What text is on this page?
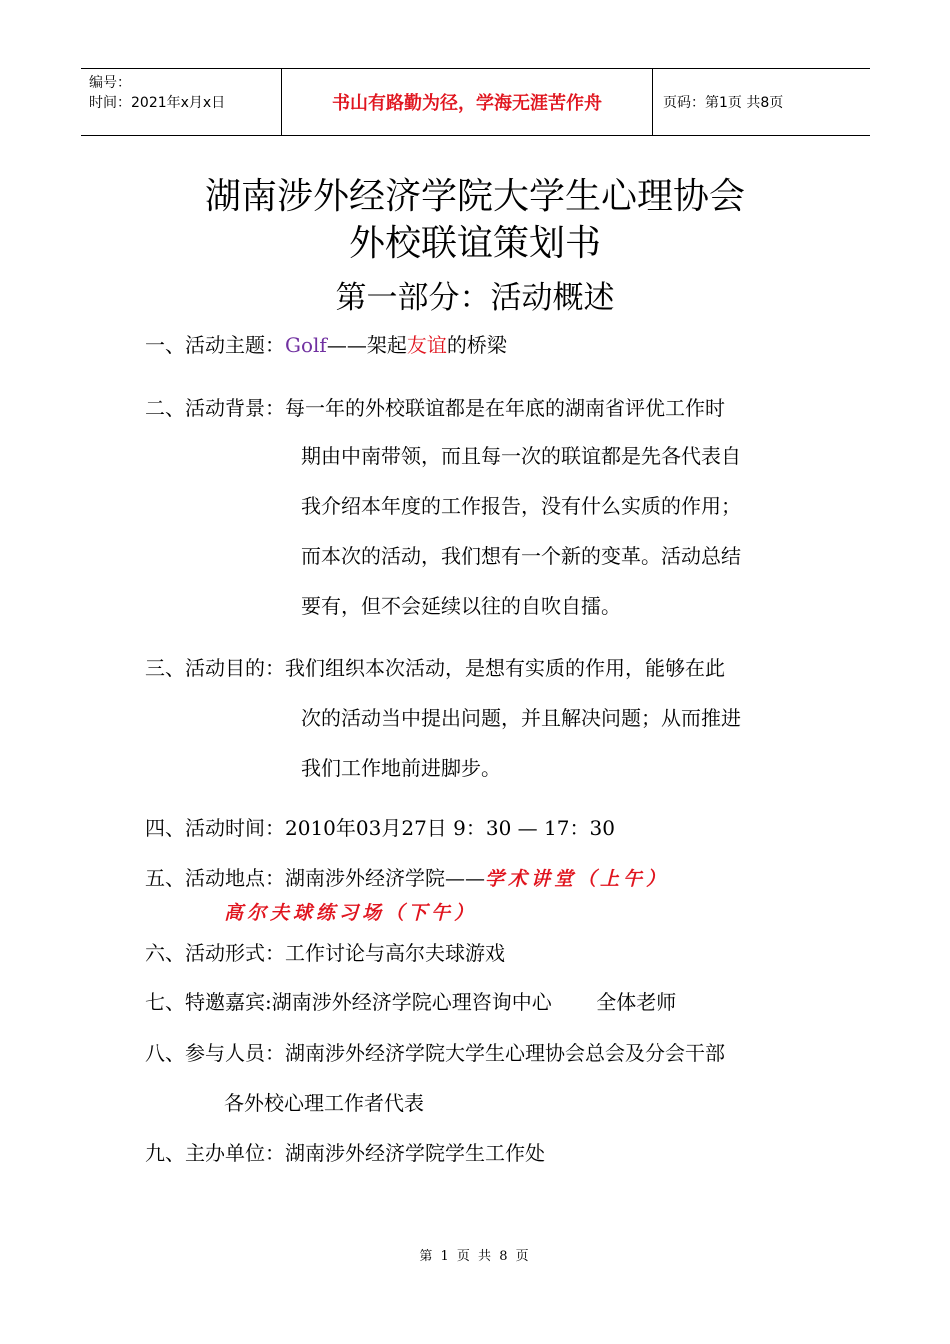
编号：
时间：2021年x月x日	书山有路勤为径，学海无涯苦作舟	页码：第1页 共8页
湖南涉外经济学院大学生心理协会
外校联谊策划书
第一部分：活动概述
一、活动主题：Golf——架起友谊的桥梁
二、活动背景：每一年的外校联谊都是在年底的湖南省评优工作时
期由中南带领，而且每一次的联谊都是先各代表自
我介绍本年度的工作报告，没有什么实质的作用；
而本次的活动，我们想有一个新的变革。活动总结
要有，但不会延续以往的自吹自擂。
三、活动目的：我们组织本次活动，是想有实质的作用，能够在此
次的活动当中提出问题，并且解决问题；从而推进
我们工作地前进脚步。
四、活动时间：2010年03月27日 9：30 — 17：30
五、活动地点：湖南涉外经济学院——学术讲堂（上午）
高尔夫球练习场（下午）
六、活动形式：工作讨论与高尔夫球游戏
七、特邀嘉宾:湖南涉外经济学院心理咨询中心       全体老师
八、参与人员：湖南涉外经济学院大学生心理协会总会及分会干部
各外校心理工作者代表
九、主办单位：湖南涉外经济学院学生工作处
第 1 页 共 8 页
